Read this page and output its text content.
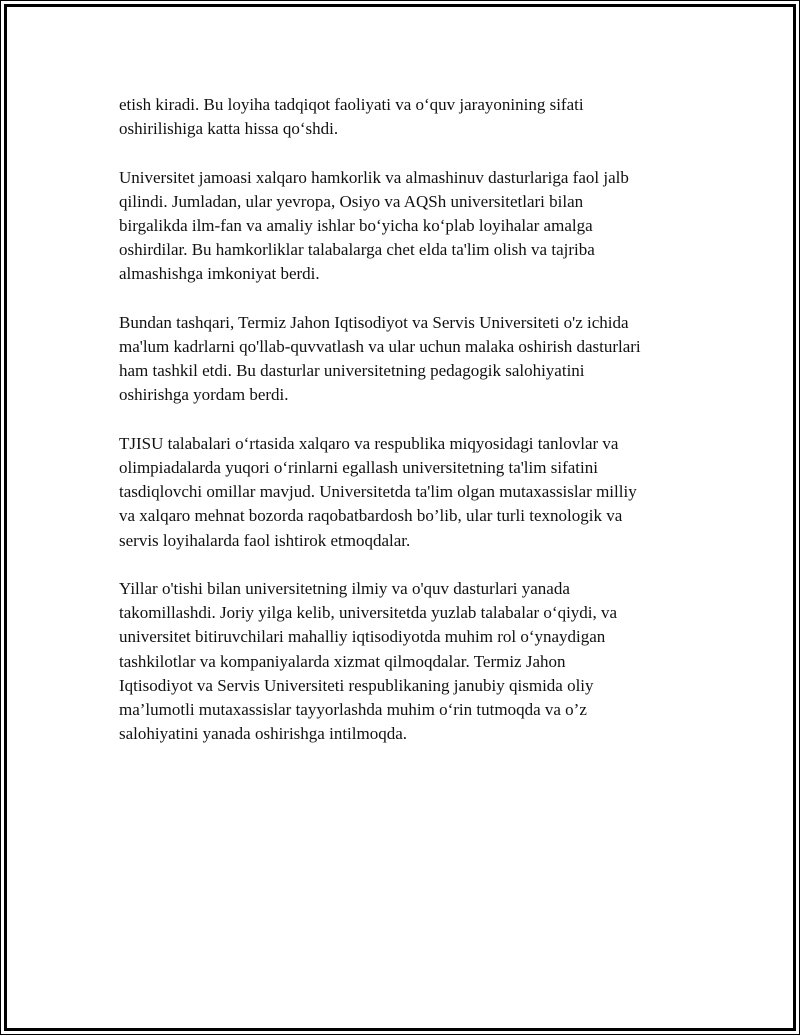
etish kiradi. Bu loyiha tadqiqot faoliyati va o‘quv jarayonining sifati
oshirilishiga katta hissa qo‘shdi.

Universitet jamoasi xalqaro hamkorlik va almashinuv dasturlariga faol jalb
qilindi. Jumladan, ular yevropa, Osiyo va AQSh universitetlari bilan
birgalikda ilm-fan va amaliy ishlar bo‘yicha ko‘plab loyihalar amalga
oshirdilar. Bu hamkorliklar talabalarga chet elda ta'lim olish va tajriba
almashishga imkoniyat berdi.

Bundan tashqari, Termiz Jahon Iqtisodiyot va Servis Universiteti o'z ichida
ma'lum kadrlarni qo'llab-quvvatlash va ular uchun malaka oshirish dasturlari
ham tashkil etdi. Bu dasturlar universitetning pedagogik salohiyatini
oshirishga yordam berdi.

TJISU talabalari o‘rtasida xalqaro va respublika miqyosidagi tanlovlar va
olimpiadalarda yuqori o‘rinlarni egallash universitetning ta'lim sifatini
tasdiqlovchi omillar mavjud. Universitetda ta'lim olgan mutaxassislar milliy
va xalqaro mehnat bozorda raqobatbardosh bo’lib, ular turli texnologik va
servis loyihalarda faol ishtirok etmoqdalar.

Yillar o'tishi bilan universitetning ilmiy va o'quv dasturlari yanada
takomillashdi. Joriy yilga kelib, universitetda yuzlab talabalar o‘qiydi, va
universitet bitiruvchilari mahalliy iqtisodiyotda muhim rol o‘ynaydigan
tashkilotlar va kompaniyalarda xizmat qilmoqdalar. Termiz Jahon
Iqtisodiyot va Servis Universiteti respublikaning janubiy qismida oliy
ma’lumotli mutaxassislar tayyorlashda muhim o‘rin tutmoqda va o’z
salohiyatini yanada oshirishga intilmoqda.
